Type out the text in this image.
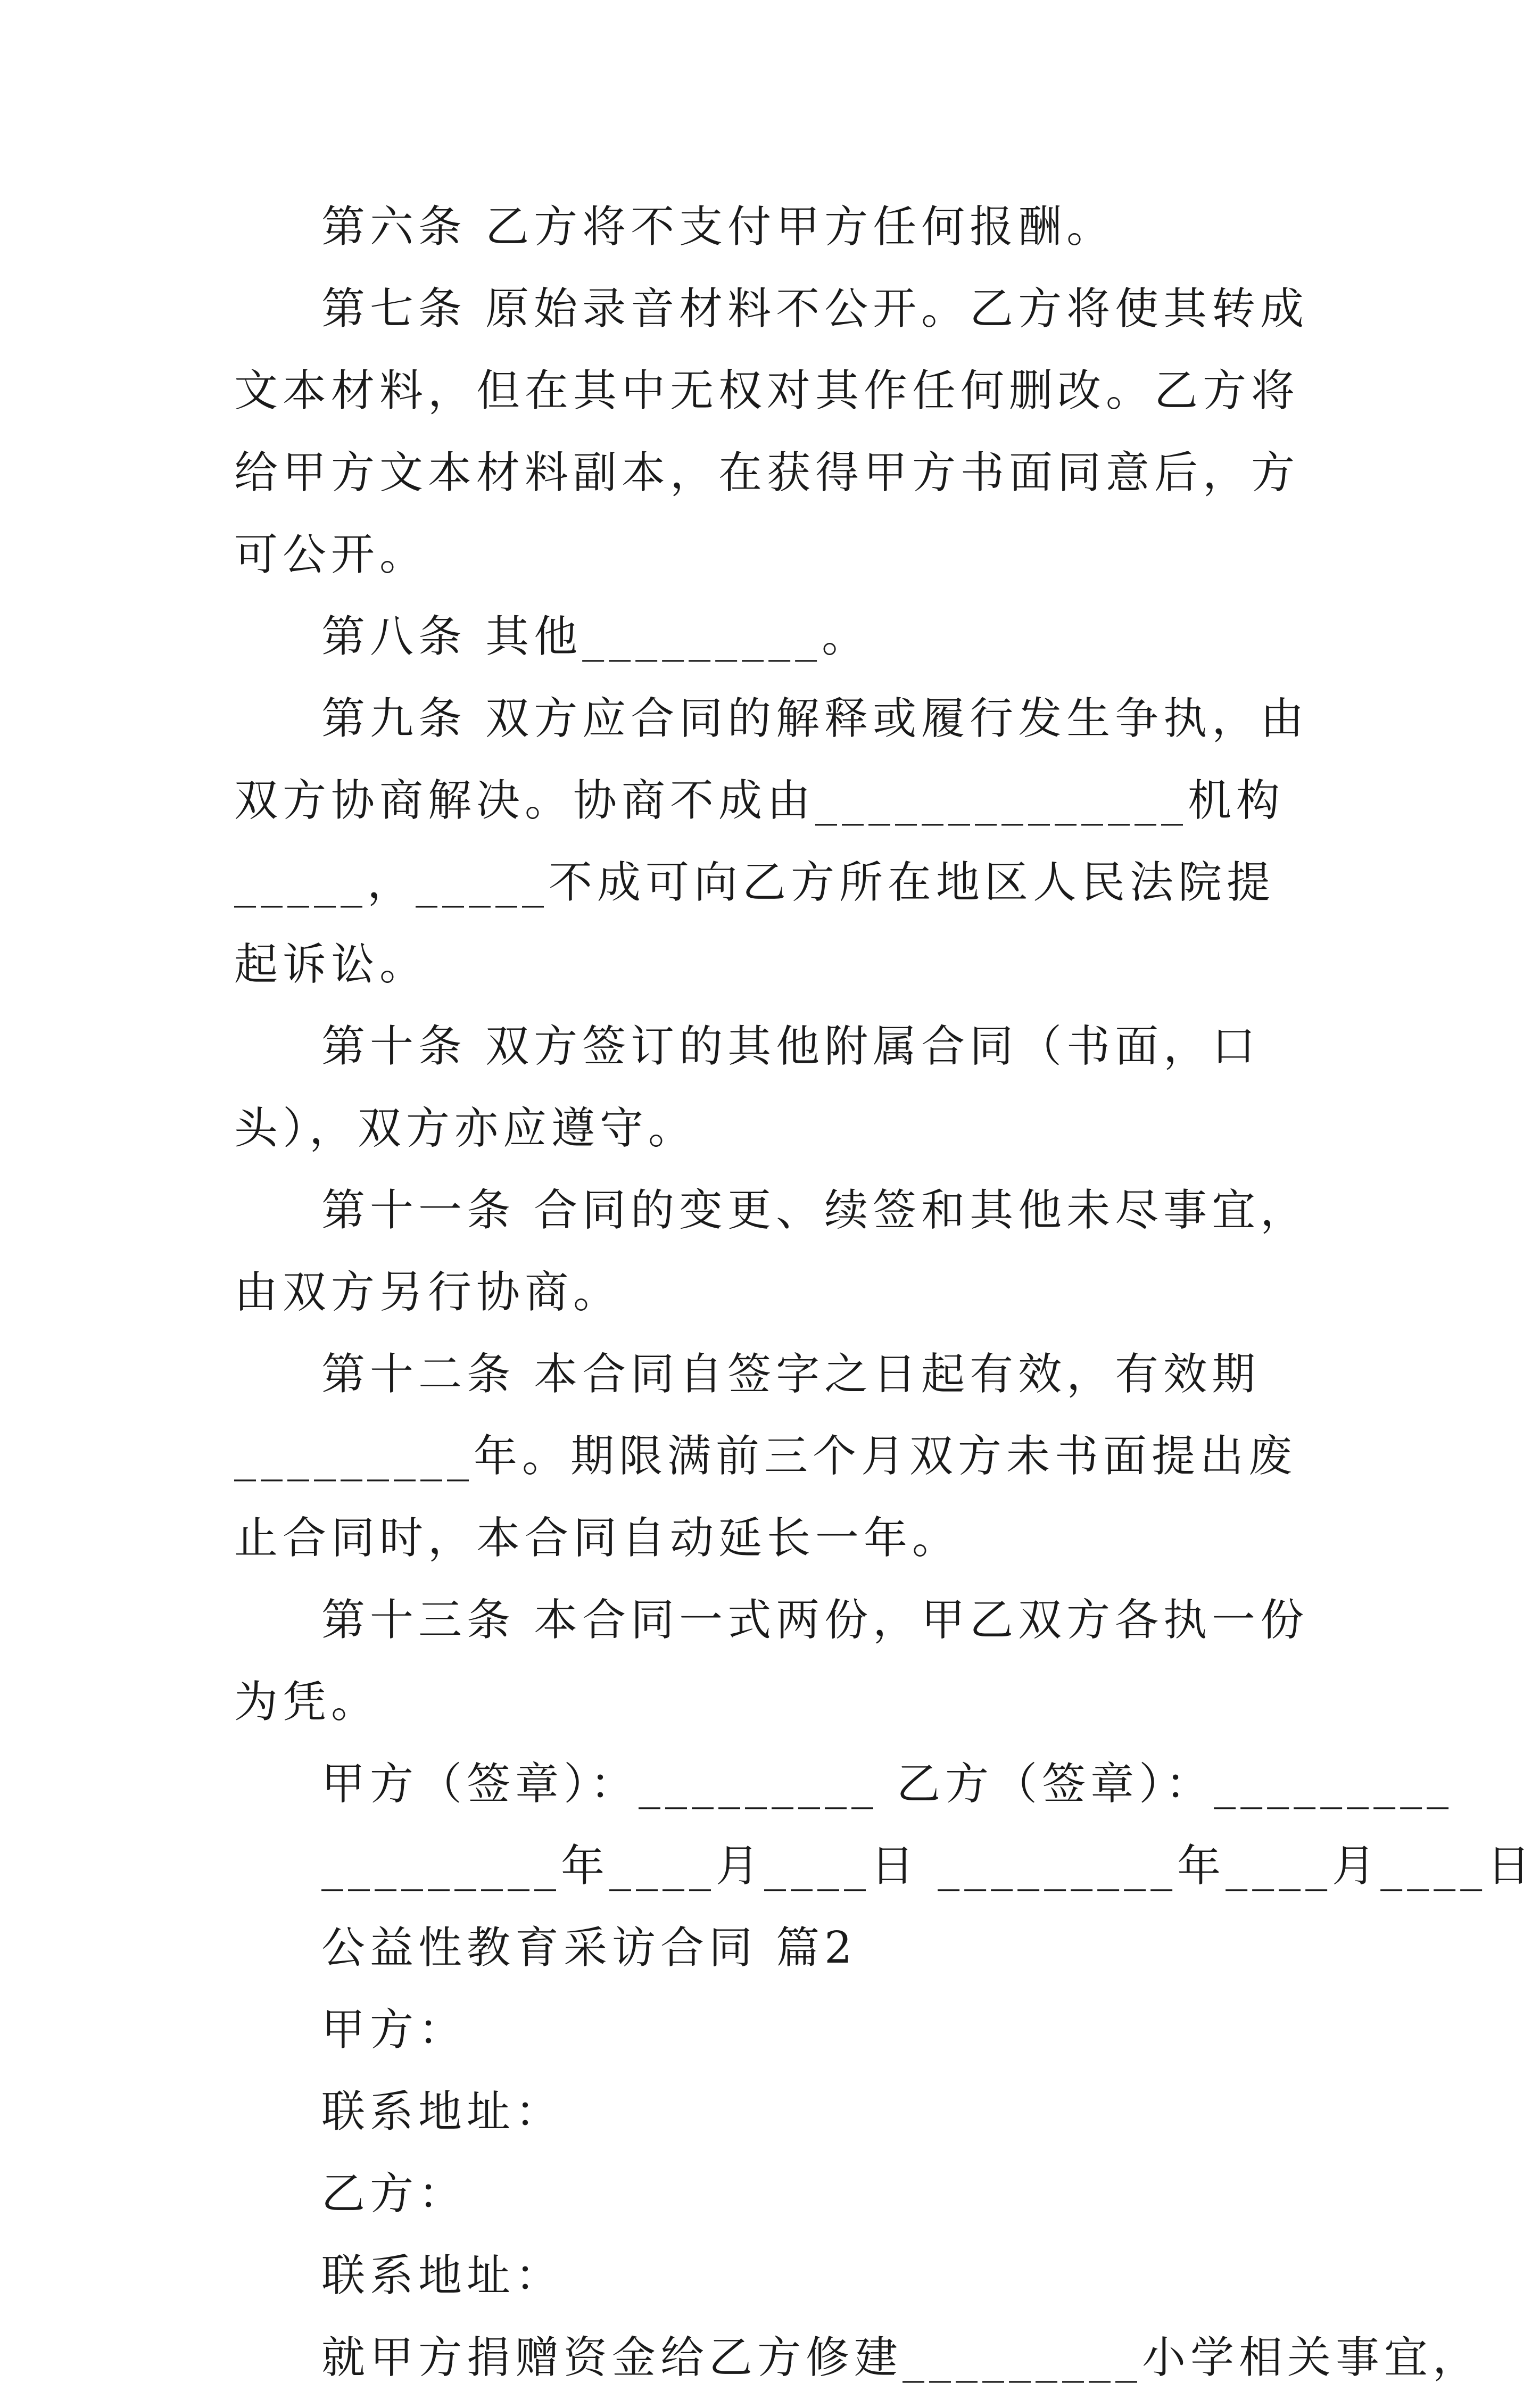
第六条 乙方将不支付甲方任何报酬。

第七条 原始录音材料不公开。乙方将使其转成文本材料，但在其中无权对其作任何删改。乙方将给甲方文本材料副本，在获得甲方书面同意后，方可公开。

第八条 其他_________。

第九条 双方应合同的解释或履行发生争执，由双方协商解决。协商不成由______________机构_____，_____不成可向乙方所在地区人民法院提起诉讼。

第十条 双方签订的其他附属合同（书面，口头），双方亦应遵守。

第十一条 合同的变更、续签和其他未尽事宜，由双方另行协商。

第十二条 本合同自签字之日起有效，有效期_________年。期限满前三个月双方未书面提出废止合同时，本合同自动延长一年。

第十三条 本合同一式两份，甲乙双方各执一份为凭。

甲方（签章）：_________ 乙方（签章）：_________

_________年____月____日 _________年____月____日

公益性教育采访合同 篇2

甲方：

联系地址：

乙方：

联系地址：

就甲方捐赠资金给乙方修建_________小学相关事宜，
